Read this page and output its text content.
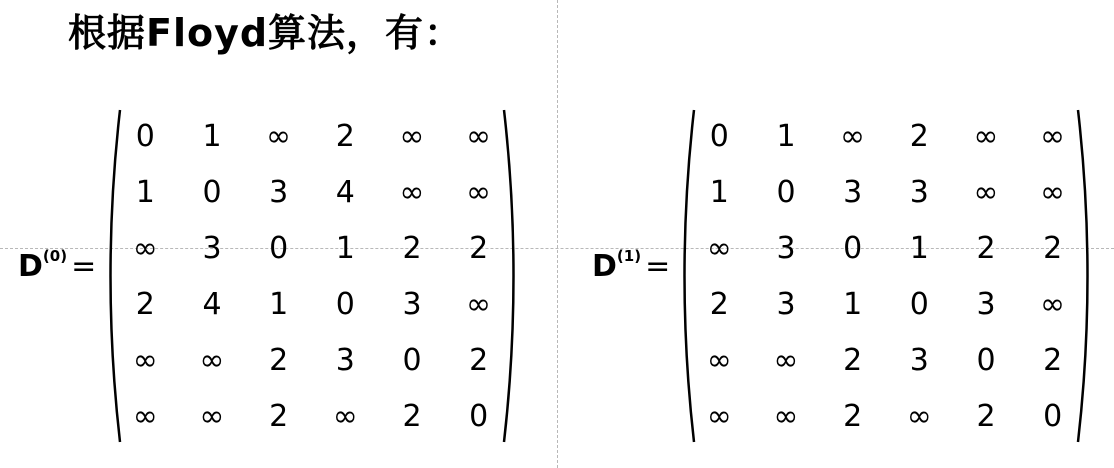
根据Floyd算法，有：
$D^{(0)}$ =
0	1	∞	2	∞	∞
1	0	3	4	∞	∞
∞	3	0	1	2	2
2	4	1	0	3	∞
∞	∞	2	3	0	2
∞	∞	2	∞	2	0
$D^{(1)}$ =
0	1	∞	2	∞	∞
1	0	3	3	∞	∞
∞	3	0	1	2	2
2	3	1	0	3	∞
∞	∞	2	3	0	2
∞	∞	2	∞	2	0
